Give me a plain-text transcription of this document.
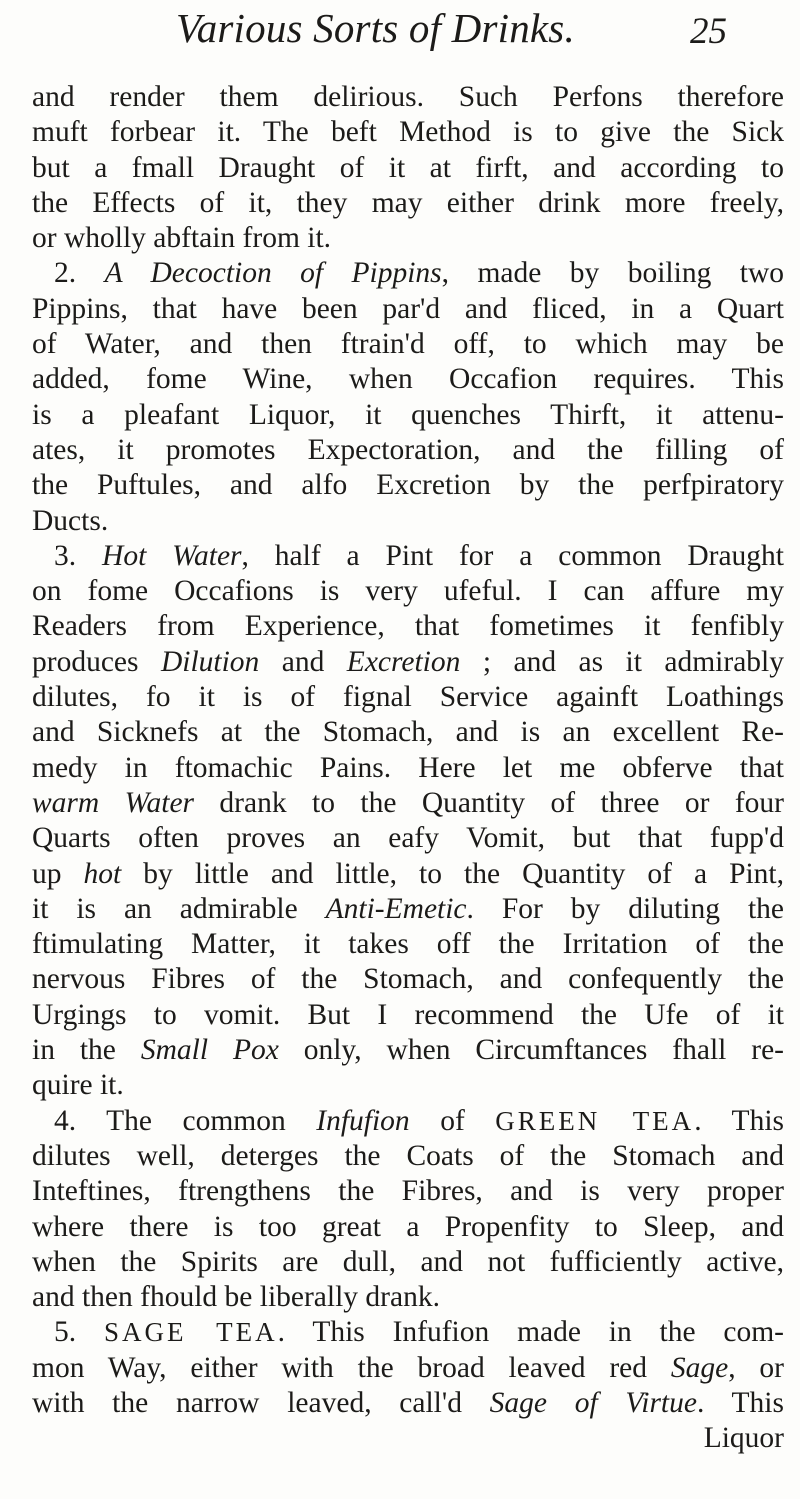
Various Sorts of Drinks.	25
and render them delirious. Such Perfons therefore
muft forbear it. The beft Method is to give the Sick
but a fmall Draught of it at firft, and according to
the Effects of it, they may either drink more freely,
or wholly abftain from it.
2. A Decoction of Pippins, made by boiling two
Pippins, that have been par'd and fliced, in a Quart
of Water, and then ftrain'd off, to which may be
added, fome Wine, when Occafion requires. This
is a pleafant Liquor, it quenches Thirft, it attenu-
ates, it promotes Expectoration, and the filling of
the Puftules, and alfo Excretion by the perfpiratory
Ducts.
3. Hot Water, half a Pint for a common Draught
on fome Occafions is very ufeful. I can affure my
Readers from Experience, that fometimes it fenfibly
produces Dilution and Excretion ; and as it admirably
dilutes, fo it is of fignal Service againft Loathings
and Sicknefs at the Stomach, and is an excellent Re-
medy in ftomachic Pains. Here let me obferve that
warm Water drank to the Quantity of three or four
Quarts often proves an eafy Vomit, but that fupp'd
up hot by little and little, to the Quantity of a Pint,
it is an admirable Anti-Emetic. For by diluting the
ftimulating Matter, it takes off the Irritation of the
nervous Fibres of the Stomach, and confequently the
Urgings to vomit. But I recommend the Ufe of it
in the Small Pox only, when Circumftances fhall re-
quire it.
4. The common Infufion of GREEN TEA. This
dilutes well, deterges the Coats of the Stomach and
Inteftines, ftrengthens the Fibres, and is very proper
where there is too great a Propenfity to Sleep, and
when the Spirits are dull, and not fufficiently active,
and then fhould be liberally drank.
5. SAGE TEA. This Infufion made in the com-
mon Way, either with the broad leaved red Sage, or
with the narrow leaved, call'd Sage of Virtue. This
Liquor
